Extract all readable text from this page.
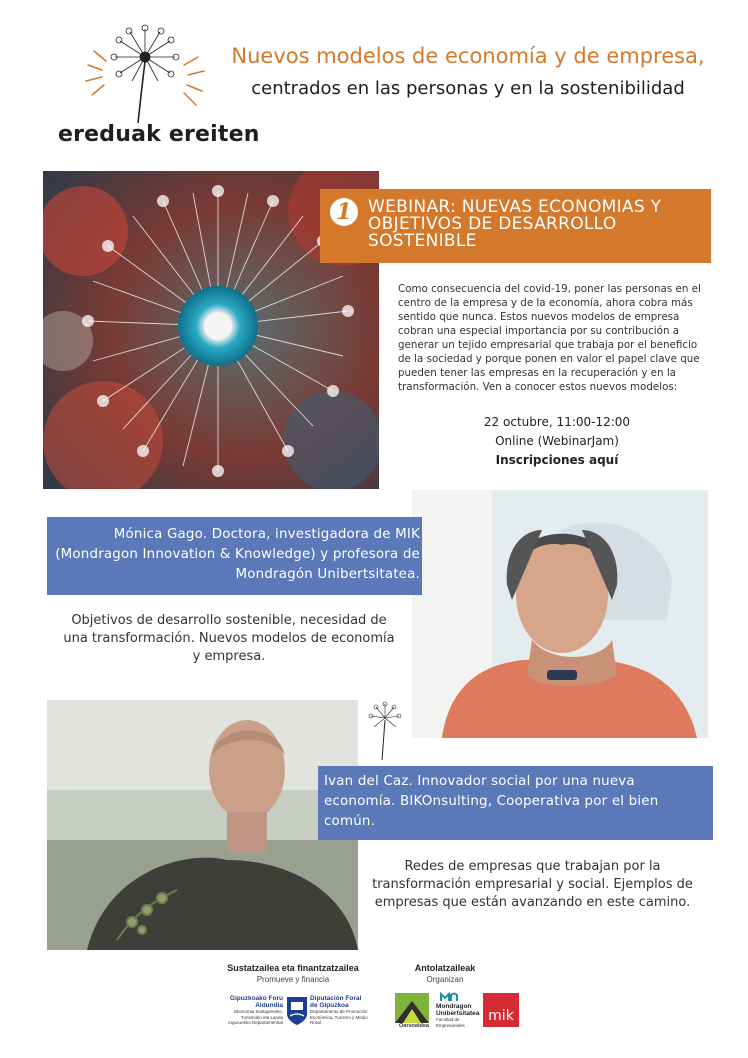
ereduak ereiten
Nuevos modelos de economía y de empresa,
centrados en las personas y en la sostenibilidad
1 WEBINAR: NUEVAS ECONOMIAS Y OBJETIVOS DE DESARROLLO SOSTENIBLE
Como consecuencia del covid-19, poner las personas en el centro de la empresa y de la economía, ahora cobra más sentido que nunca. Estos nuevos modelos de empresa cobran una especial importancia por su contribución a generar un tejido empresarial que trabaja por el beneficio de la sociedad y porque ponen en valor el papel clave que pueden tener las empresas en la recuperación y en la transformación. Ven a conocer estos nuevos modelos:
22 octubre, 11:00-12:00
Online (WebinarJam)
Inscripciones aquí
Mónica Gago. Doctora, investigadora de MIK (Mondragon Innovation & Knowledge) y profesora de Mondragón Unibertsitatea.
Objetivos de desarrollo sostenible, necesidad de una transformación. Nuevos modelos de economía y empresa.
Ivan del Caz. Innovador social por una nueva economía. BIKOnsulting, Cooperativa por el bien común.
Redes de empresas que trabajan por la transformación empresarial y social. Ejemplos de empresas que están avanzando en este camino.
Sustatzailea eta finantzatzailea
Promueve y financia
Gipuzkoako Foru Aldundia
Ekonomia Sustapeneko, Turismoko eta Landa Ingurunéko Departamentua
Diputación Foral de Gipuzkoa
Departamento de Promoción Económica, Turismo y Medio Rural
Antolatzaileak
Organizan
Oarsoaldea
Mondragon Unibertsitatea
Facultad de Empresariales
mik
